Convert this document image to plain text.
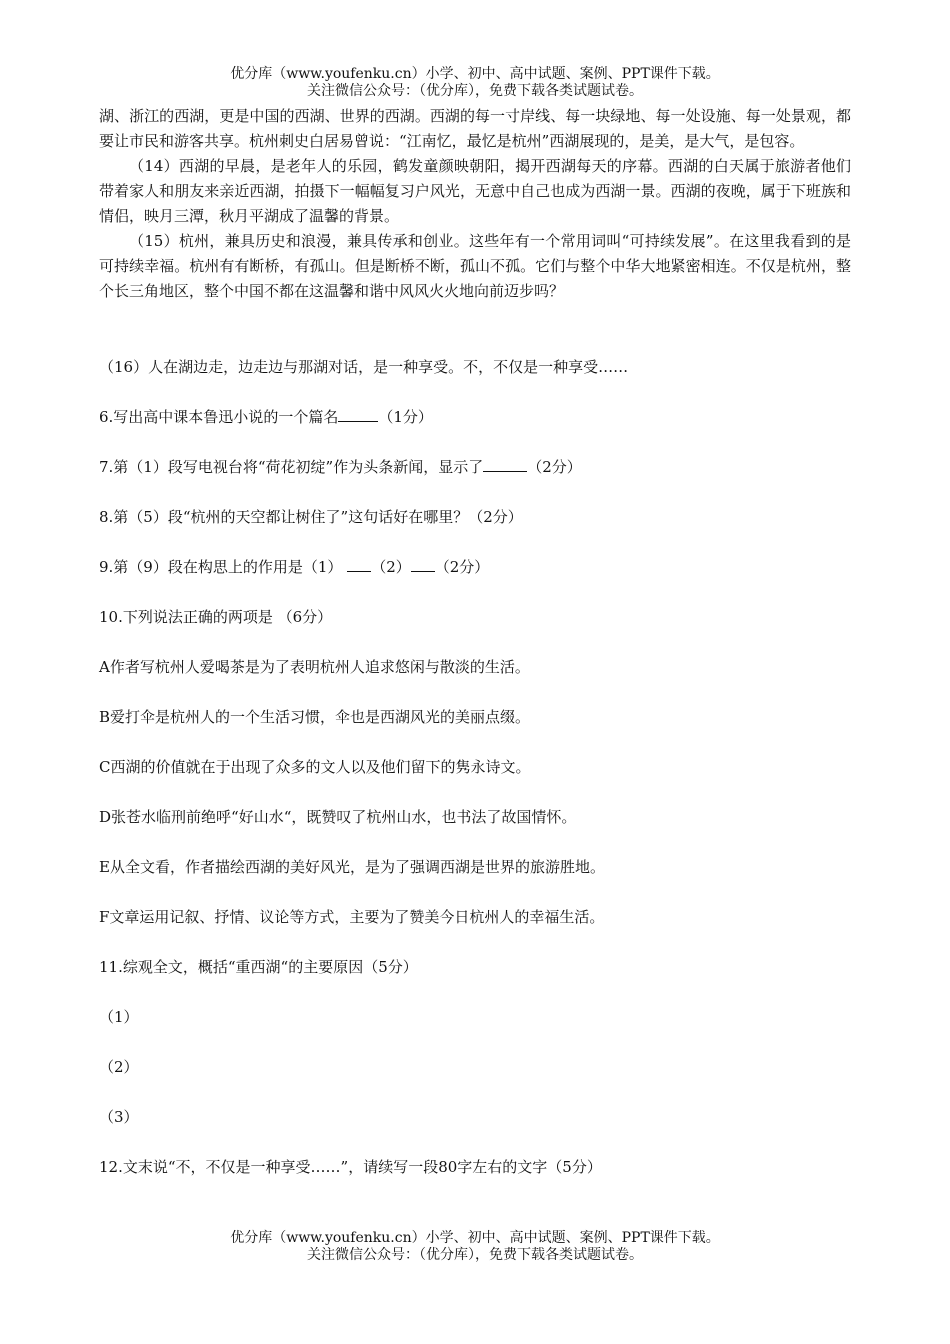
优分库（www.youfenku.cn）小学、初中、高中试题、案例、PPT课件下载。
关注微信公众号：（优分库），免费下载各类试题试卷。

湖、浙江的西湖，更是中国的西湖、世界的西湖。西湖的每一寸岸线、每一块绿地、每一处设施、每一处景观，都要让市民和游客共享。杭州刺史白居易曾说：“江南忆，最忆是杭州”西湖展现的，是美，是大气，是包容。

（14）西湖的早晨，是老年人的乐园，鹤发童颜映朝阳，揭开西湖每天的序幕。西湖的白天属于旅游者他们带着家人和朋友来亲近西湖，拍摄下一幅幅复习户风光，无意中自己也成为西湖一景。西湖的夜晚，属于下班族和情侣，映月三潭，秋月平湖成了温馨的背景。

（15）杭州，兼具历史和浪漫，兼具传承和创业。这些年有一个常用词叫“可持续发展”。在这里我看到的是可持续幸福。杭州有有断桥，有孤山。但是断桥不断，孤山不孤。它们与整个中华大地紧密相连。不仅是杭州，整个长三角地区，整个中国不都在这温馨和谐中风风火火地向前迈步吗？

（16）人在湖边走，边走边与那湖对话，是一种享受。不，不仅是一种享受……
6.写出高中课本鲁迅小说的一个篇名	（1分）
7.第（1）段写电视台将“荷花初绽”作为头条新闻，显示了	（2分）
8.第（5）段“杭州的天空都让树住了”这句话好在哪里？（2分）
9.第（9）段在构思上的作用是（1） （2） （2分）
10.下列说法正确的两项是 （6分）
A作者写杭州人爱喝茶是为了表明杭州人追求悠闲与散淡的生活。
B爱打伞是杭州人的一个生活习惯，伞也是西湖风光的美丽点缀。
C西湖的价值就在于出现了众多的文人以及他们留下的隽永诗文。
D张苍水临刑前绝呼“好山水“，既赞叹了杭州山水，也书法了故国情怀。
E从全文看，作者描绘西湖的美好风光，是为了强调西湖是世界的旅游胜地。
F文章运用记叙、抒情、议论等方式，主要为了赞美今日杭州人的幸福生活。
11.综观全文，概括“重西湖“的主要原因（5分）
（1）
（2）
（3）
12.文末说“不，不仅是一种享受……”，请续写一段80字左右的文字（5分）
优分库（www.youfenku.cn）小学、初中、高中试题、案例、PPT课件下载。
关注微信公众号：（优分库），免费下载各类试题试卷。
